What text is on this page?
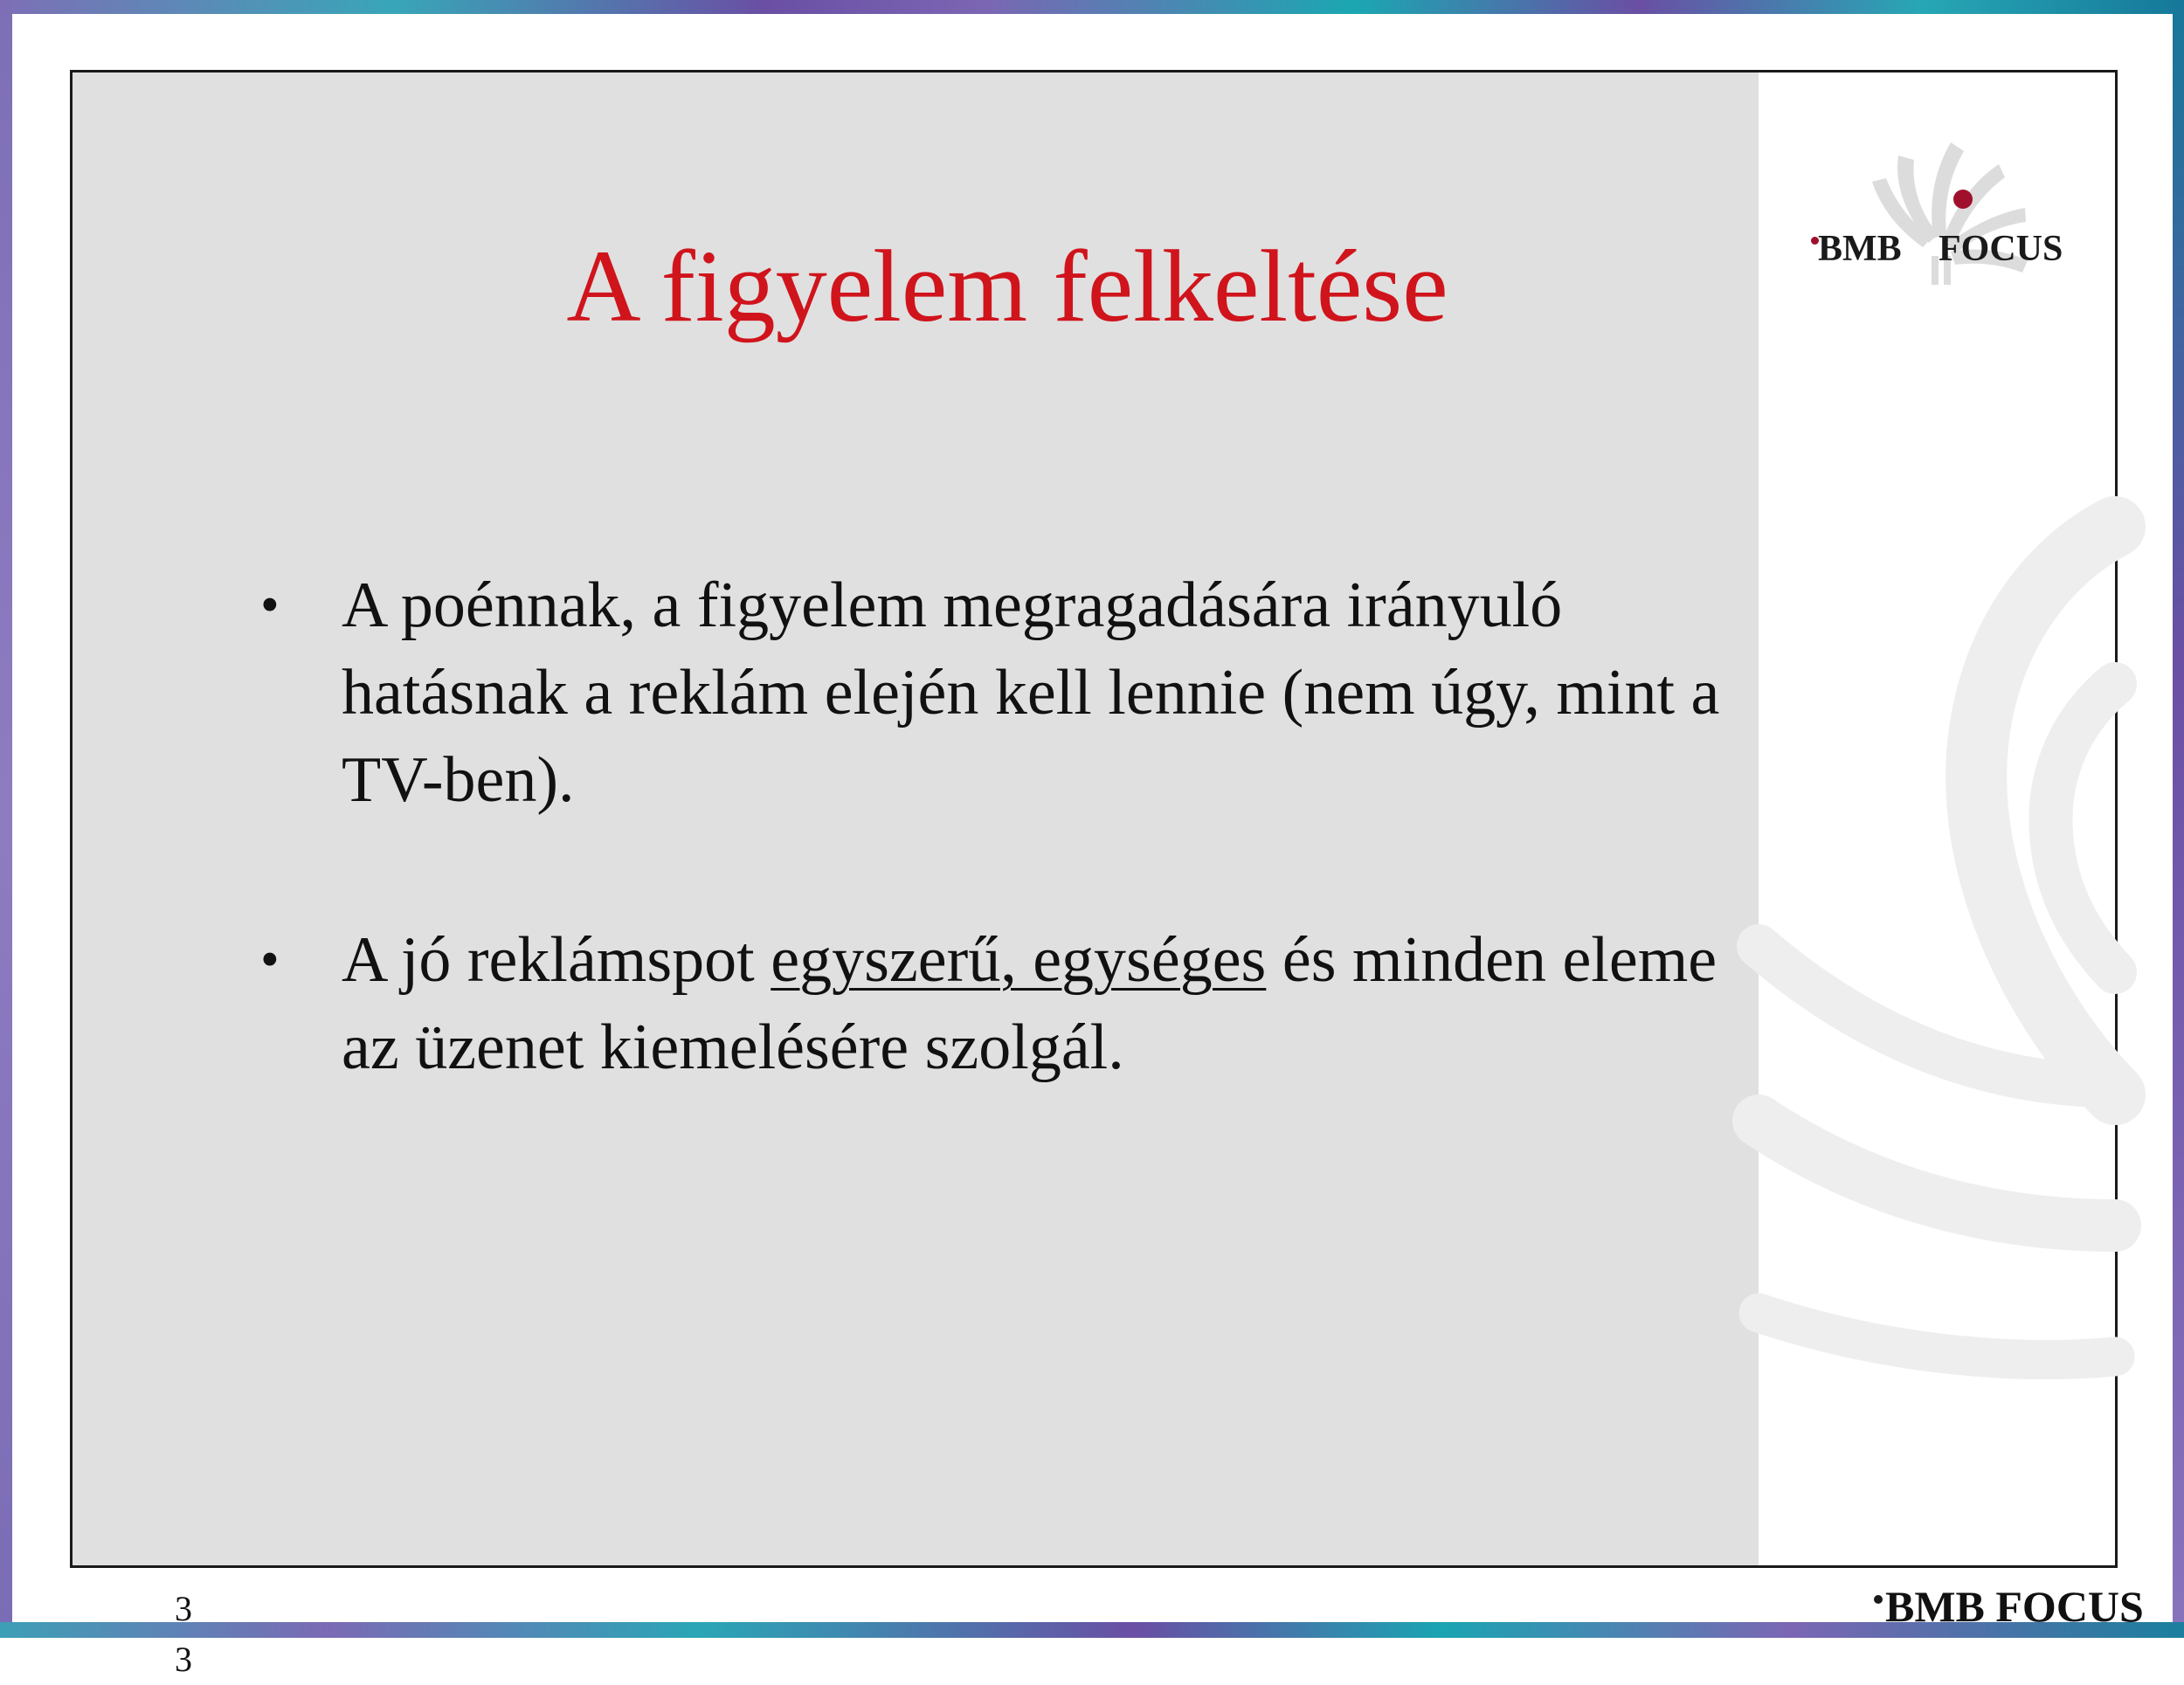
BMB FOCUS
A figyelem felkeltése
• A poénnak, a figyelem megragadására irányuló hatásnak a reklám elején kell lennie (nem úgy, mint a TV-ben).
• A jó reklámspot egyszerű, egységes és minden eleme az üzenet kiemelésére szolgál.
3
3
BMB FOCUS
